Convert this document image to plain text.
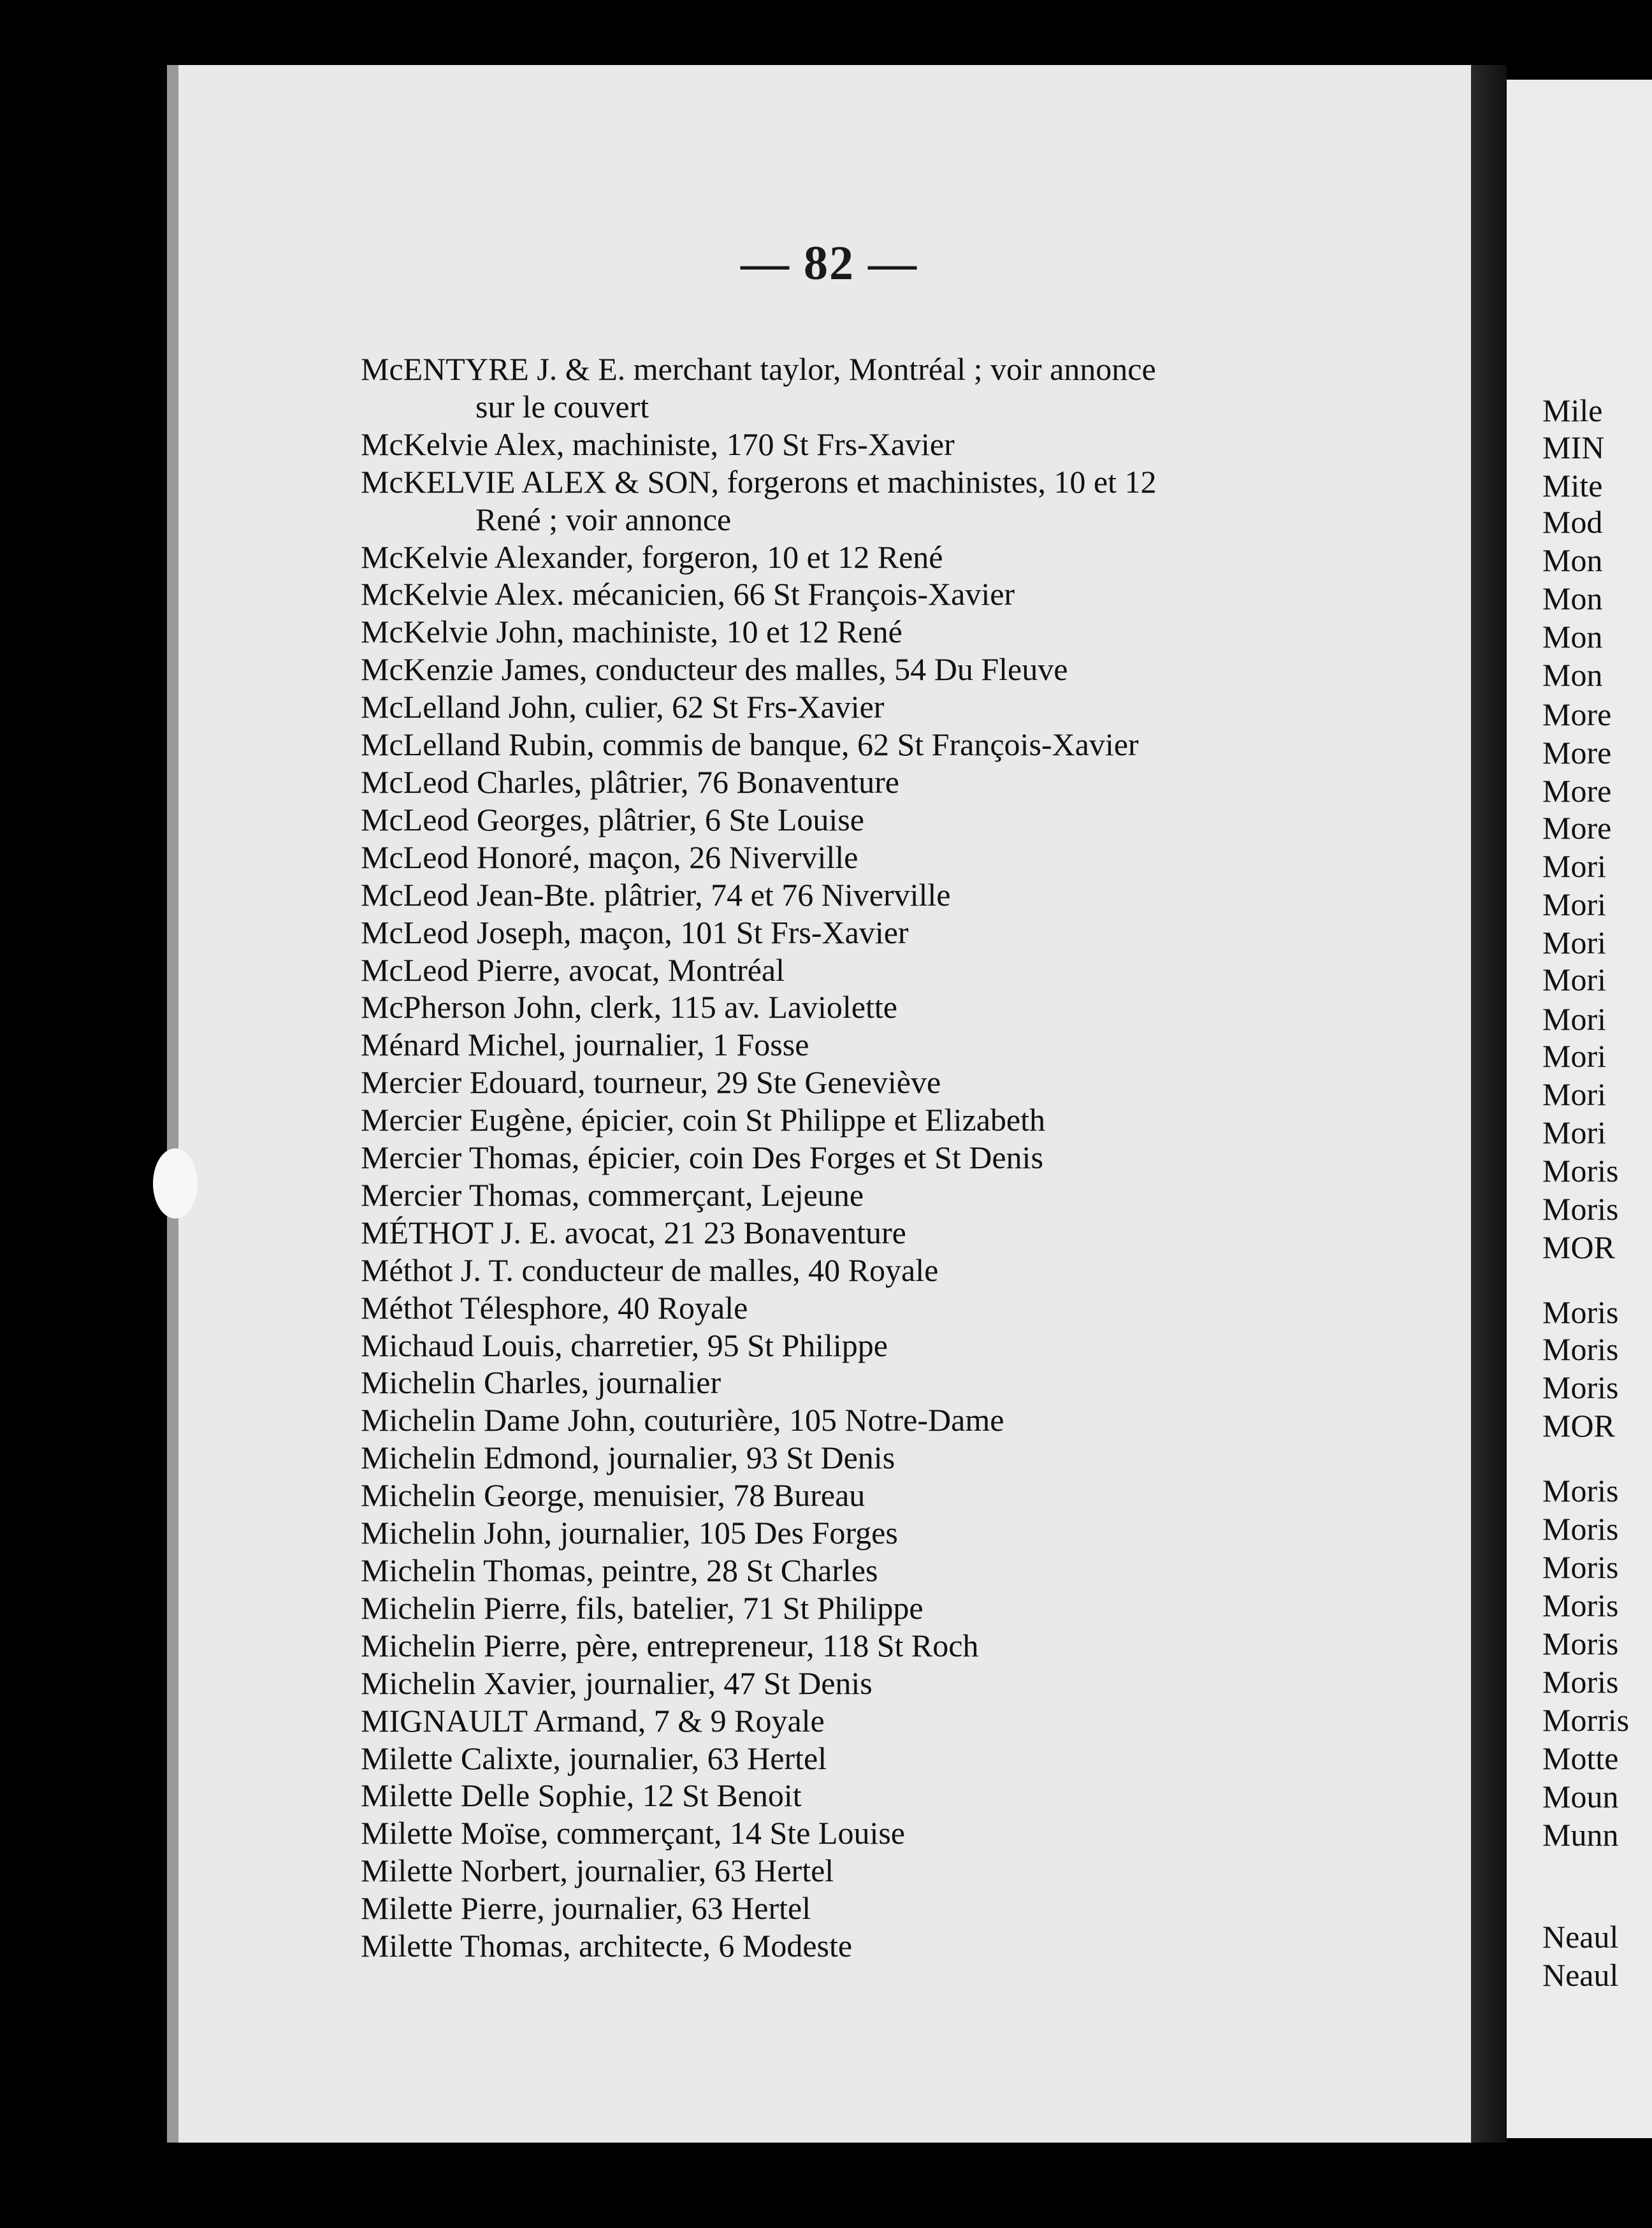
— 82 —
McENTYRE J. & E. merchant taylor, Montréal ; voir annonce
sur le couvert
McKelvie Alex, machiniste, 170 St Frs-Xavier
McKELVIE ALEX & SON, forgerons et machinistes, 10 et 12
René ; voir annonce
McKelvie Alexander, forgeron, 10 et 12 René
McKelvie Alex. mécanicien, 66 St François-Xavier
McKelvie John, machiniste, 10 et 12 René
McKenzie James, conducteur des malles, 54 Du Fleuve
McLelland John, culier, 62 St Frs-Xavier
McLelland Rubin, commis de banque, 62 St François-Xavier
McLeod Charles, plâtrier, 76 Bonaventure
McLeod Georges, plâtrier, 6 Ste Louise
McLeod Honoré, maçon, 26 Niverville
McLeod Jean-Bte. plâtrier, 74 et 76 Niverville
McLeod Joseph, maçon, 101 St Frs-Xavier
McLeod Pierre, avocat, Montréal
McPherson John, clerk, 115 av. Laviolette
Ménard Michel, journalier, 1 Fosse
Mercier Edouard, tourneur, 29 Ste Geneviève
Mercier Eugène, épicier, coin St Philippe et Elizabeth
Mercier Thomas, épicier, coin Des Forges et St Denis
Mercier Thomas, commerçant, Lejeune
MÉTHOT J. E. avocat, 21 23 Bonaventure
Méthot J. T. conducteur de malles, 40 Royale
Méthot Télesphore, 40 Royale
Michaud Louis, charretier, 95 St Philippe
Michelin Charles, journalier
Michelin Dame John, couturière, 105 Notre-Dame
Michelin Edmond, journalier, 93 St Denis
Michelin George, menuisier, 78 Bureau
Michelin John, journalier, 105 Des Forges
Michelin Thomas, peintre, 28 St Charles
Michelin Pierre, fils, batelier, 71 St Philippe
Michelin Pierre, père, entrepreneur, 118 St Roch
Michelin Xavier, journalier, 47 St Denis
MIGNAULT Armand, 7 & 9 Royale
Milette Calixte, journalier, 63 Hertel
Milette Delle Sophie, 12 St Benoit
Milette Moïse, commerçant, 14 Ste Louise
Milette Norbert, journalier, 63 Hertel
Milette Pierre, journalier, 63 Hertel
Milette Thomas, architecte, 6 Modeste
Mile
MIN
Mite
Mod
Mon
Mon
Mon
Mon
More
More
More
More
Mori
Mori
Mori
Mori
Mori
Mori
Mori
Mori
Moris
Moris
MOR
Moris
Moris
Moris
MOR
Moris
Moris
Moris
Moris
Moris
Moris
Morris
Motte
Moun
Munn
Neaul
Neaul
